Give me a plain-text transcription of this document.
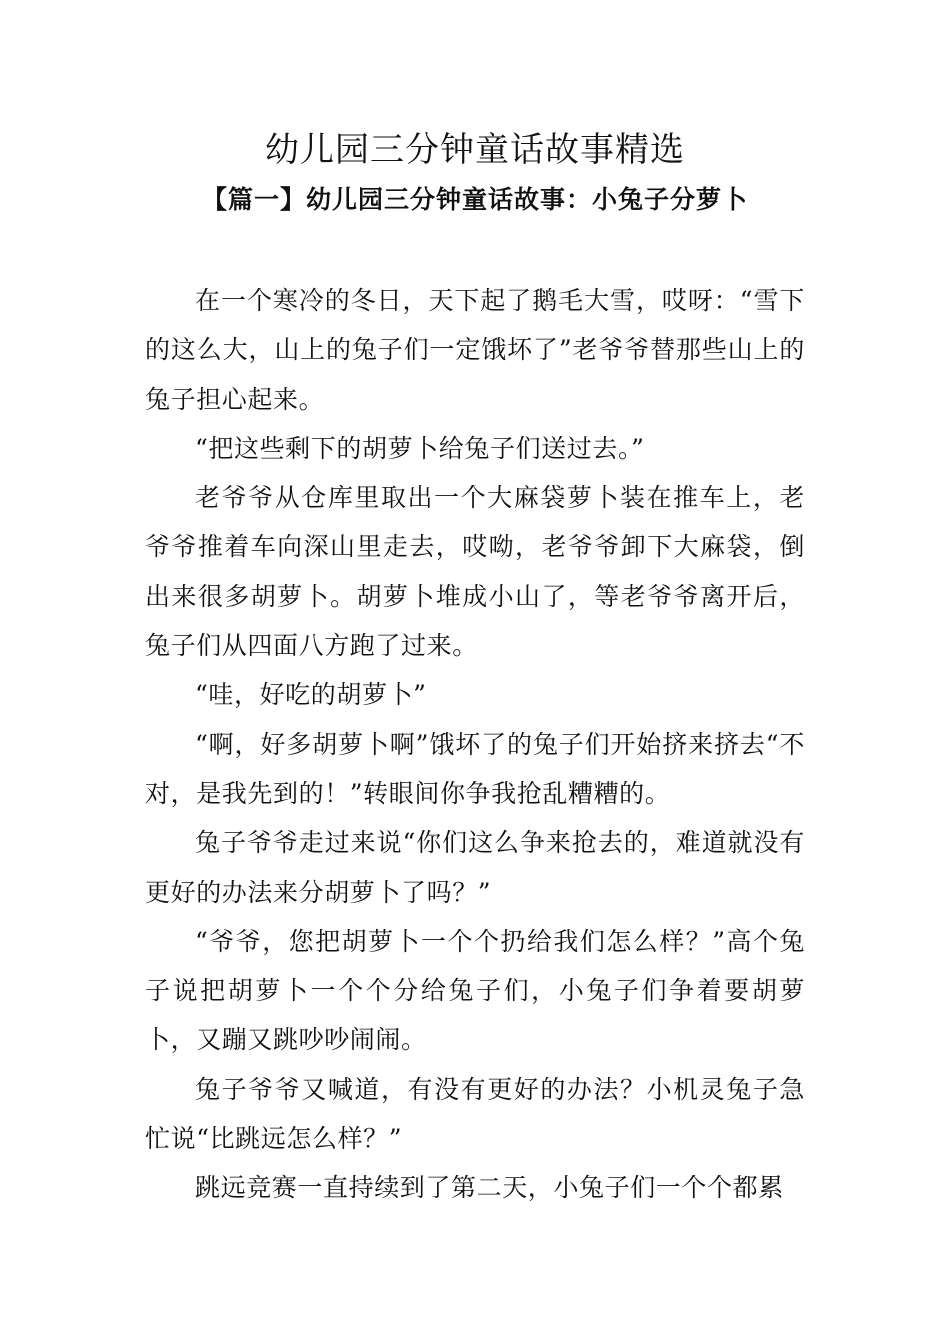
幼儿园三分钟童话故事精选
【篇一】幼儿园三分钟童话故事：小兔子分萝卜

在一个寒冷的冬日，天下起了鹅毛大雪，哎呀：“雪下的这么大，山上的兔子们一定饿坏了”老爷爷替那些山上的兔子担心起来。

“把这些剩下的胡萝卜给兔子们送过去。”

老爷爷从仓库里取出一个大麻袋萝卜装在推车上，老爷爷推着车向深山里走去，哎呦，老爷爷卸下大麻袋，倒出来很多胡萝卜。胡萝卜堆成小山了，等老爷爷离开后，兔子们从四面八方跑了过来。

“哇，好吃的胡萝卜”

“啊，好多胡萝卜啊”饿坏了的兔子们开始挤来挤去“不对，是我先到的！”转眼间你争我抢乱糟糟的。

兔子爷爷走过来说“你们这么争来抢去的，难道就没有更好的办法来分胡萝卜了吗？”

“爷爷，您把胡萝卜一个个扔给我们怎么样？”高个兔子说把胡萝卜一个个分给兔子们，小兔子们争着要胡萝卜，又蹦又跳吵吵闹闹。

兔子爷爷又喊道，有没有更好的办法？小机灵兔子急忙说“比跳远怎么样？”

跳远竞赛一直持续到了第二天，小兔子们一个个都累
